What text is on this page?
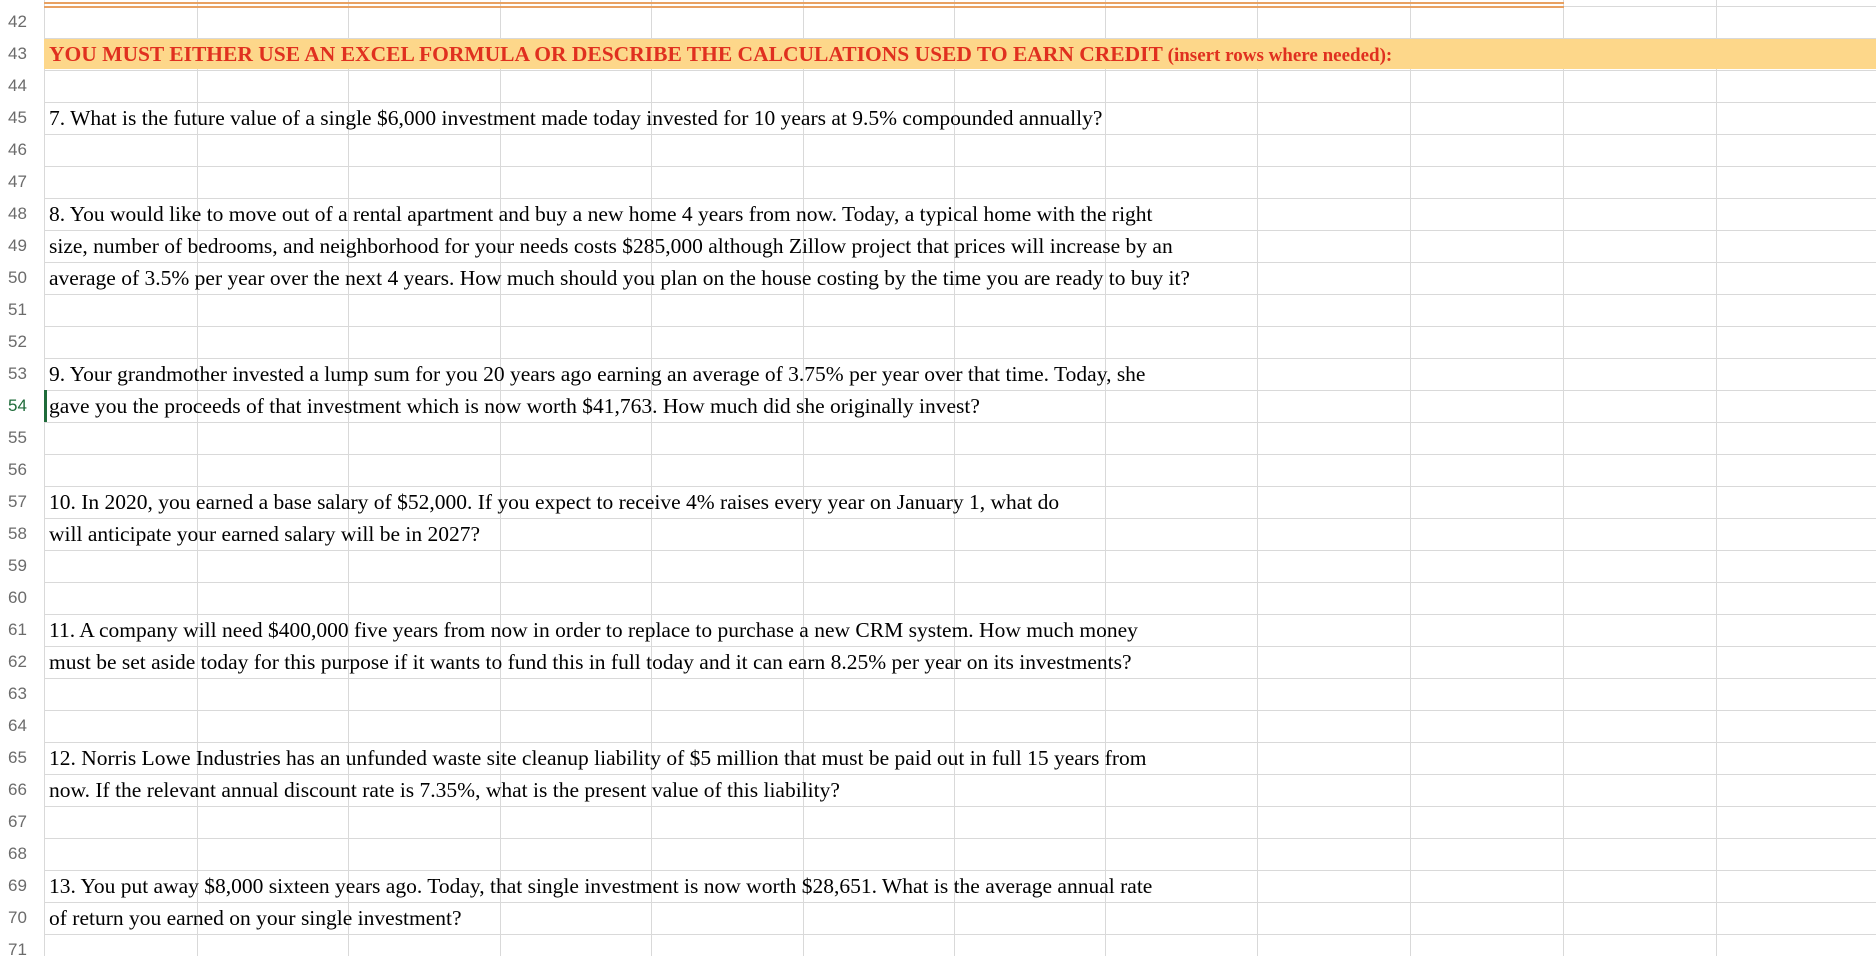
42
YOU MUST EITHER USE AN EXCEL FORMULA OR DESCRIBE THE CALCULATIONS USED TO EARN CREDIT (insert rows where needed):
43
44
45	7. What is the future value of a single $6,000 investment made today invested for 10 years at 9.5% compounded annually?
46
47
48	8. You would like to move out of a rental apartment and buy a new home 4 years from now. Today, a typical home with the right
49	size, number of bedrooms, and neighborhood for your needs costs $285,000 although Zillow project that prices will increase by an
50	average of 3.5% per year over the next 4 years. How much should you plan on the house costing by the time you are ready to buy it?
51
52
53	9. Your grandmother invested a lump sum for you 20 years ago earning an average of 3.75% per year over that time. Today, she
54	gave you the proceeds of that investment which is now worth $41,763. How much did she originally invest?
55
56
57	10. In 2020, you earned a base salary of $52,000. If you expect to receive 4% raises every year on January 1, what do
58	will anticipate your earned salary will be in 2027?
59
60
61	11. A company will need $400,000 five years from now in order to replace to purchase a new CRM system. How much money
62	must be set aside today for this purpose if it wants to fund this in full today and it can earn 8.25% per year on its investments?
63
64
65	12. Norris Lowe Industries has an unfunded waste site cleanup liability of $5 million that must be paid out in full 15 years from
66	now. If the relevant annual discount rate is 7.35%, what is the present value of this liability?
67
68
69	13. You put away $8,000 sixteen years ago. Today, that single investment is now worth $28,651. What is the average annual rate
70	of return you earned on your single investment?
71
